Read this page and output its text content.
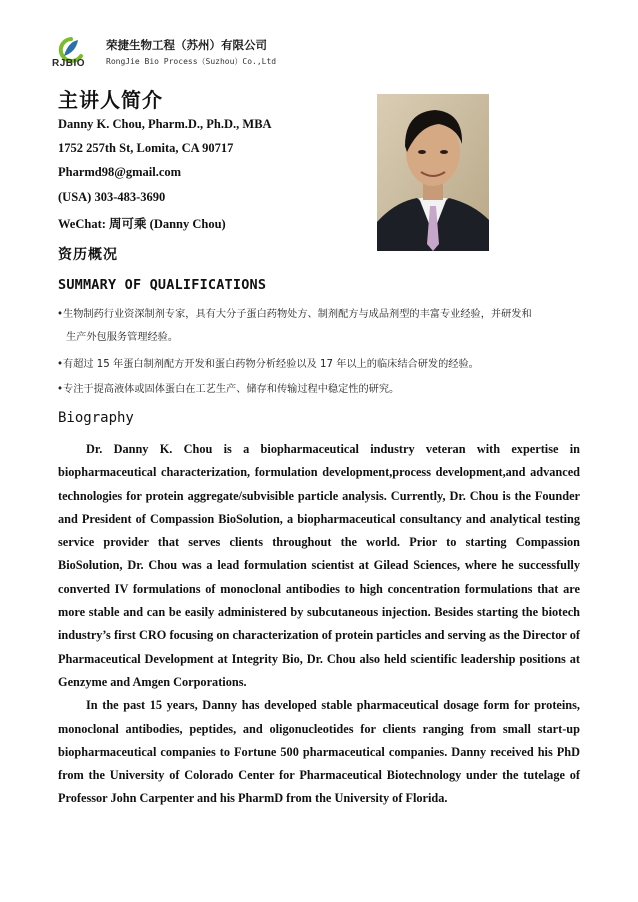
RJBIO
荣捷生物工程（苏州）有限公司
RongJie Bio Process（Suzhou）Co.,Ltd
主讲人简介
Danny K. Chou, Pharm.D., Ph.D., MBA
1752 257th St, Lomita, CA 90717
Pharmd98@gmail.com
(USA) 303-483-3690
WeChat: 周可乘 (Danny Chou)
资历概况
SUMMARY OF QUALIFICATIONS
•生物制药行业资深制剂专家，具有大分子蛋白药物处方、制剂配方与成品剂型的丰富专业经验，并研发和
生产外包服务管理经验。
•有超过 15 年蛋白制剂配方开发和蛋白药物分析经验以及 17 年以上的临床结合研发的经验。
•专注于提高液体或固体蛋白在工艺生产、储存和传输过程中稳定性的研究。
Biography

Dr. Danny K. Chou is a biopharmaceutical industry veteran with expertise in biopharmaceutical characterization, formulation development,process development,and advanced technologies for protein aggregate/subvisible particle analysis. Currently, Dr. Chou is the Founder and President of Compassion BioSolution, a biopharmaceutical consultancy and analytical testing service provider that serves clients throughout the world. Prior to starting Compassion BioSolution, Dr. Chou was a lead formulation scientist at Gilead Sciences, where he successfully converted IV formulations of monoclonal antibodies to high concentration formulations that are more stable and can be easily administered by subcutaneous injection. Besides starting the biotech industry’s first CRO focusing on characterization of protein particles and serving as the Director of Pharmaceutical Development at Integrity Bio, Dr. Chou also held scientific leadership positions at Genzyme and Amgen Corporations.

In the past 15 years, Danny has developed stable pharmaceutical dosage form for proteins, monoclonal antibodies, peptides, and oligonucleotides for clients ranging from small start-up biopharmaceutical companies to Fortune 500 pharmaceutical companies. Danny received his PhD from the University of Colorado Center for Pharmaceutical Biotechnology under the tutelage of Professor John Carpenter and his PharmD from the University of Florida.
